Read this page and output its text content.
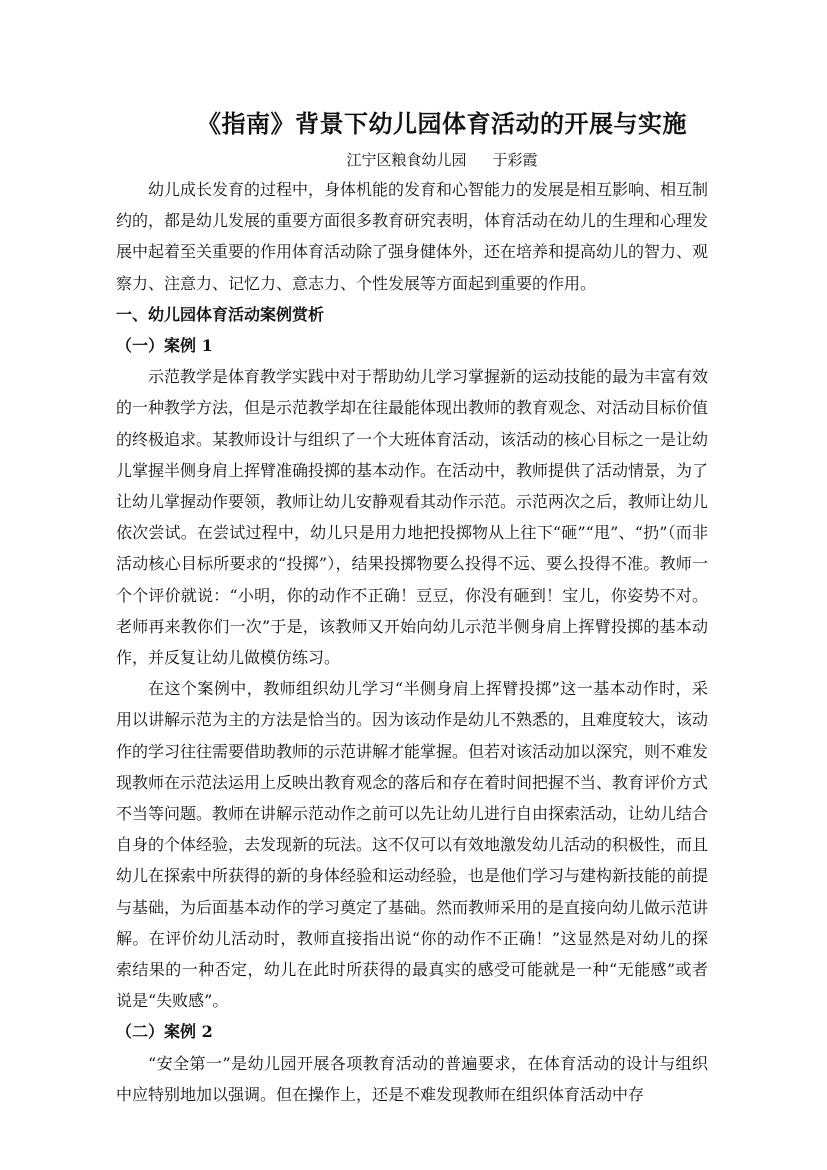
《指南》背景下幼儿园体育活动的开展与实施
江宁区粮食幼儿园 于彩霞

幼儿成长发育的过程中，身体机能的发育和心智能力的发展是相互影响、相互制约的，都是幼儿发展的重要方面很多教育研究表明，体育活动在幼儿的生理和心理发展中起着至关重要的作用体育活动除了强身健体外，还在培养和提高幼儿的智力、观察力、注意力、记忆力、意志力、个性发展等方面起到重要的作用。

一、幼儿园体育活动案例赏析
（一）案例 1

示范教学是体育教学实践中对于帮助幼儿学习掌握新的运动技能的最为丰富有效的一种教学方法，但是示范教学却在往最能体现出教师的教育观念、对活动目标价值的终极追求。某教师设计与组织了一个大班体育活动，该活动的核心目标之一是让幼儿掌握半侧身肩上挥臂准确投掷的基本动作。在活动中，教师提供了活动情景，为了让幼儿掌握动作要领，教师让幼儿安静观看其动作示范。示范两次之后，教师让幼儿依次尝试。在尝试过程中，幼儿只是用力地把投掷物从上往下“砸”“甩”、“扔”（而非活动核心目标所要求的“投掷”），结果投掷物要么投得不远、要么投得不准。教师一个个评价就说：“小明，你的动作不正确！豆豆，你没有砸到！宝儿，你姿势不对。老师再来教你们一次”于是，该教师又开始向幼儿示范半侧身肩上挥臂投掷的基本动作，并反复让幼儿做模仿练习。

在这个案例中，教师组织幼儿学习“半侧身肩上挥臂投掷”这一基本动作时，采用以讲解示范为主的方法是恰当的。因为该动作是幼儿不熟悉的，且难度较大，该动作的学习往往需要借助教师的示范讲解才能掌握。但若对该活动加以深究，则不难发现教师在示范法运用上反映出教育观念的落后和存在着时间把握不当、教育评价方式不当等问题。教师在讲解示范动作之前可以先让幼儿进行自由探索活动，让幼儿结合自身的个体经验，去发现新的玩法。这不仅可以有效地激发幼儿活动的积极性，而且幼儿在探索中所获得的新的身体经验和运动经验，也是他们学习与建构新技能的前提与基础，为后面基本动作的学习奠定了基础。然而教师采用的是直接向幼儿做示范讲解。在评价幼儿活动时，教师直接指出说“你的动作不正确！”这显然是对幼儿的探索结果的一种否定，幼儿在此时所获得的最真实的感受可能就是一种“无能感”或者说是“失败感”。

（二）案例 2

“安全第一”是幼儿园开展各项教育活动的普遍要求，在体育活动的设计与组织中应特别地加以强调。但在操作上，还是不难发现教师在组织体育活动中存
